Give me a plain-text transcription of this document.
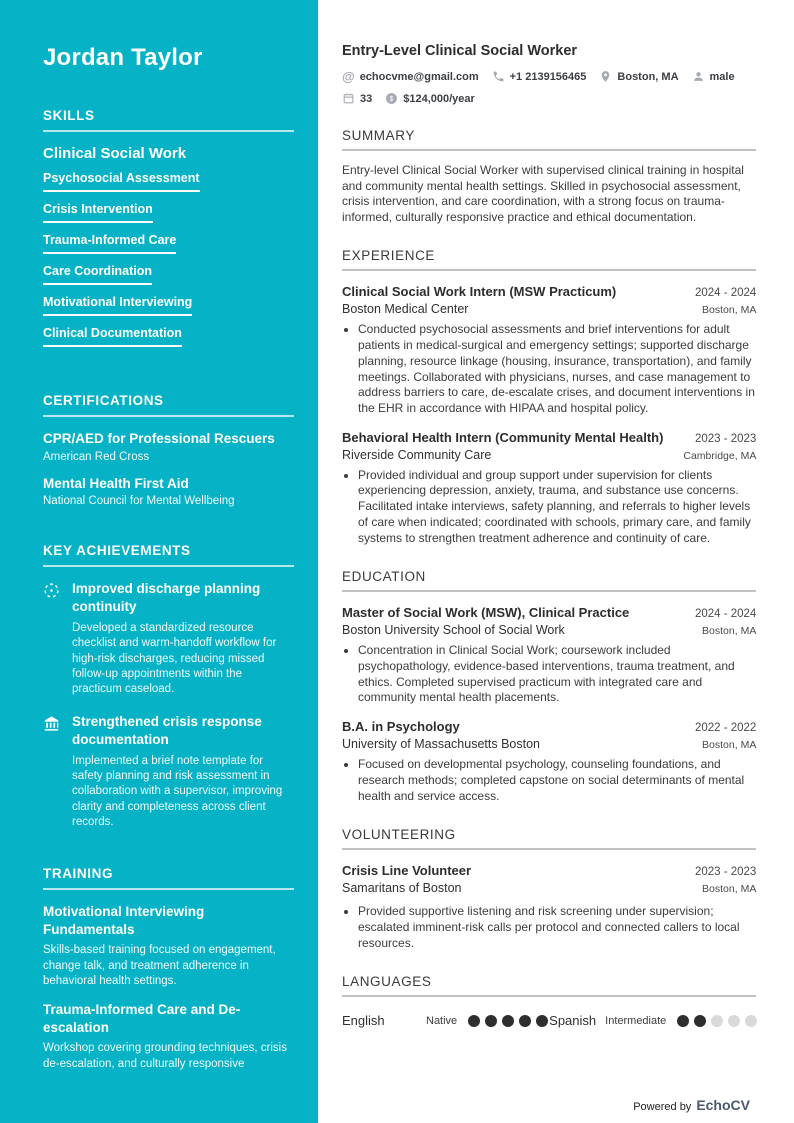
Jordan Taylor
SKILLS
Clinical Social Work
Psychosocial Assessment
Crisis Intervention
Trauma-Informed Care
Care Coordination
Motivational Interviewing
Clinical Documentation
CERTIFICATIONS
CPR/AED for Professional Rescuers
American Red Cross
Mental Health First Aid
National Council for Mental Wellbeing
KEY ACHIEVEMENTS
Improved discharge planning continuity
Developed a standardized resource checklist and warm-handoff workflow for high-risk discharges, reducing missed follow-up appointments within the practicum caseload.
Strengthened crisis response documentation
Implemented a brief note template for safety planning and risk assessment in collaboration with a supervisor, improving clarity and completeness across client records.
TRAINING
Motivational Interviewing Fundamentals
Skills-based training focused on engagement, change talk, and treatment adherence in behavioral health settings.
Trauma-Informed Care and De-escalation
Workshop covering grounding techniques, crisis de-escalation, and culturally responsive
Entry-Level Clinical Social Worker
@ echocvme@gmail.com	+1 2139156465	Boston, MA	male
33 $ $124,000/year
SUMMARY
Entry-level Clinical Social Worker with supervised clinical training in hospital and community mental health settings. Skilled in psychosocial assessment, crisis intervention, and care coordination, with a strong focus on trauma-informed, culturally responsive practice and ethical documentation.
EXPERIENCE
Clinical Social Work Intern (MSW Practicum)	2024 - 2024
Boston Medical Center	Boston, MA
• Conducted psychosocial assessments and brief interventions for adult patients in medical-surgical and emergency settings; supported discharge planning, resource linkage (housing, insurance, transportation), and family meetings. Collaborated with physicians, nurses, and case management to address barriers to care, de-escalate crises, and document interventions in the EHR in accordance with HIPAA and hospital policy.
Behavioral Health Intern (Community Mental Health)	2023 - 2023
Riverside Community Care	Cambridge, MA
• Provided individual and group support under supervision for clients experiencing depression, anxiety, trauma, and substance use concerns. Facilitated intake interviews, safety planning, and referrals to higher levels of care when indicated; coordinated with schools, primary care, and family systems to strengthen treatment adherence and continuity of care.
EDUCATION
Master of Social Work (MSW), Clinical Practice	2024 - 2024
Boston University School of Social Work	Boston, MA
• Concentration in Clinical Social Work; coursework included psychopathology, evidence-based interventions, trauma treatment, and ethics. Completed supervised practicum with integrated care and community mental health placements.
B.A. in Psychology	2022 - 2022
University of Massachusetts Boston	Boston, MA
• Focused on developmental psychology, counseling foundations, and research methods; completed capstone on social determinants of mental health and service access.
VOLUNTEERING
Crisis Line Volunteer	2023 - 2023
Samaritans of Boston	Boston, MA
• Provided supportive listening and risk screening under supervision; escalated imminent-risk calls per protocol and connected callers to local resources.
LANGUAGES
English	Native	Spanish Intermediate
Powered by EchoCV
